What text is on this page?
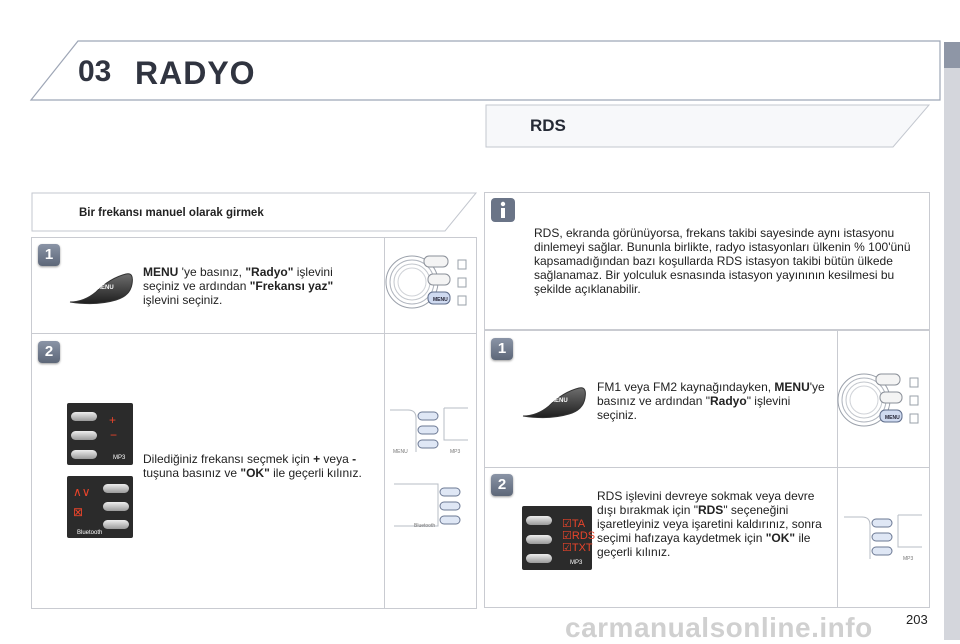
03 RADYO
RDS
Bir frekansı manuel olarak girmek
1
MENU
MENU 'ye basınız, "Radyo" işlevini seçiniz ve ardından "Frekansı yaz" işlevini seçiniz.	MENU
2
+
−
MP3
∧∨
⊠
Bluetooth
Dilediğiniz frekansı seçmek için + veya - tuşuna basınız ve "OK" ile geçerli kılınız.
MP3
MENU
Bluetooth
RDS, ekranda görünüyorsa, frekans takibi sayesinde aynı istasyonu dinlemeyi sağlar. Bununla birlikte, radyo istasyonları ülkenin % 100'ünü kapsamadığından bazı koşullarda RDS istasyon takibi bütün ülkede sağlanamaz. Bir yolculuk esnasında istasyon yayınının kesilmesi bu şekilde açıklanabilir.
1
MENU
FM1 veya FM2 kaynağındayken, MENU'ye basınız ve ardından "Radyo" işlevini seçiniz.	MENU
2
☑TA
☑RDS
☑TXT
MP3
RDS işlevini devreye sokmak veya devre dışı bırakmak için "RDS" seçeneğini işaretleyiniz veya işaretini kaldırınız, sonra seçimi hafızaya kaydetmek için "OK" ile geçerli kılınız.	MP3
203
carmanualsonline.info
